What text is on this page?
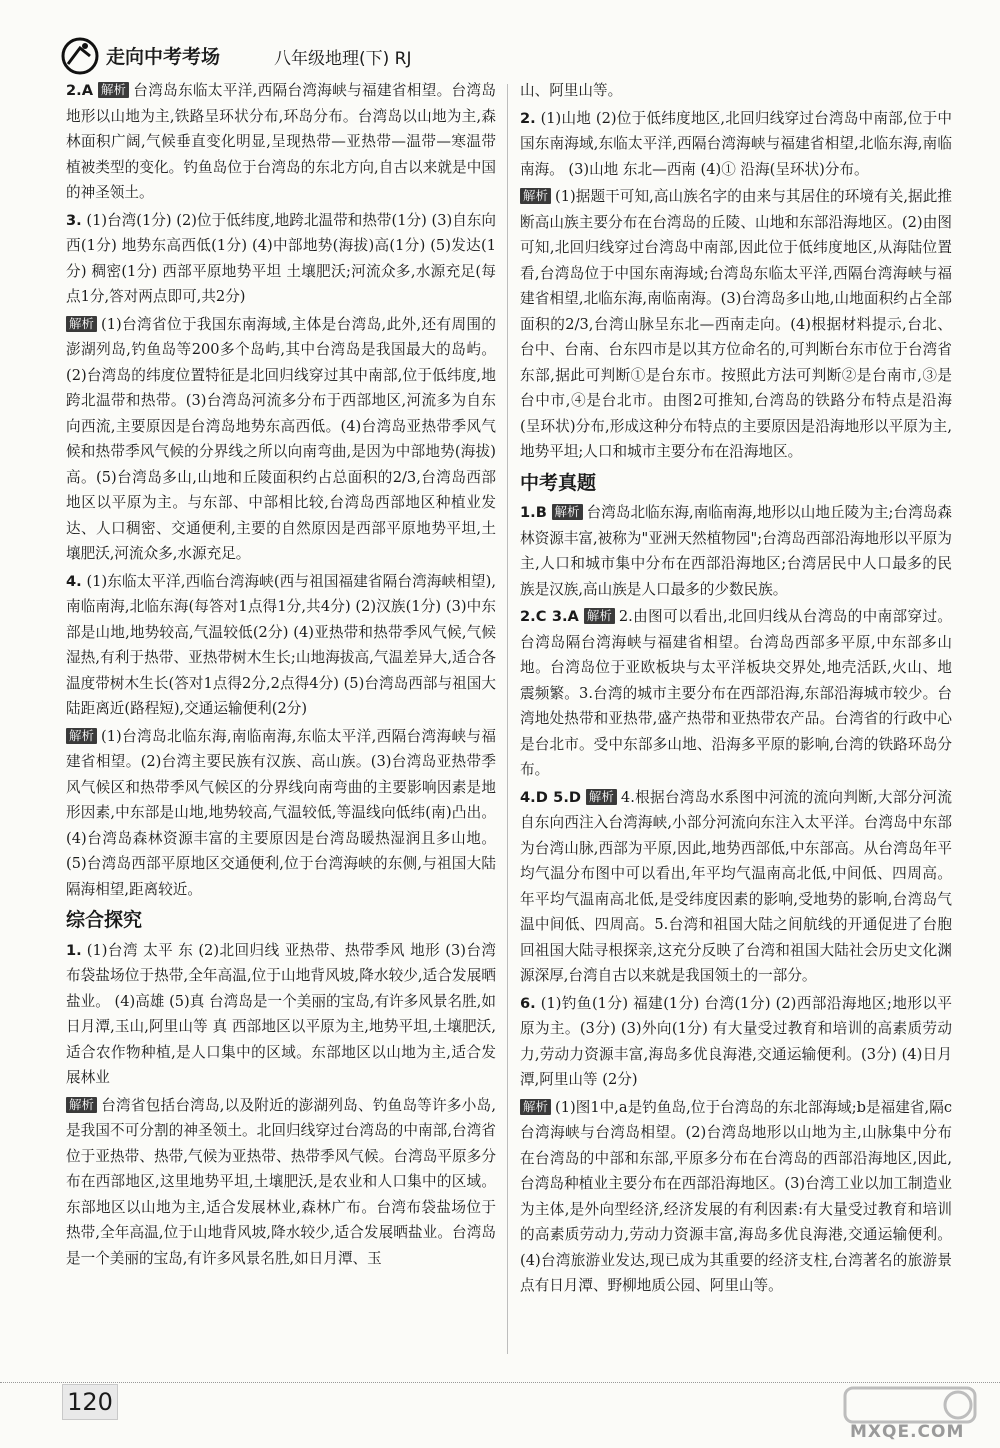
走向中考考场	八年级地理(下) RJ

2.A 解析 台湾岛东临太平洋,西隔台湾海峡与福建省相望。台湾岛地形以山地为主,铁路呈环状分布,环岛分布。台湾岛以山地为主,森林面积广阔,气候垂直变化明显,呈现热带—亚热带—温带—寒温带植被类型的变化。钓鱼岛位于台湾岛的东北方向,自古以来就是中国的神圣领土。

3. (1)台湾(1分) (2)位于低纬度,地跨北温带和热带(1分) (3)自东向西(1分) 地势东高西低(1分) (4)中部地势(海拔)高(1分) (5)发达(1分) 稠密(1分) 西部平原地势平坦 土壤肥沃;河流众多,水源充足(每点1分,答对两点即可,共2分)

解析 (1)台湾省位于我国东南海域,主体是台湾岛,此外,还有周围的澎湖列岛,钓鱼岛等200多个岛屿,其中台湾岛是我国最大的岛屿。(2)台湾岛的纬度位置特征是北回归线穿过其中南部,位于低纬度,地跨北温带和热带。(3)台湾岛河流多分布于西部地区,河流多为自东向西流,主要原因是台湾岛地势东高西低。(4)台湾岛亚热带季风气候和热带季风气候的分界线之所以向南弯曲,是因为中部地势(海拔)高。(5)台湾岛多山,山地和丘陵面积约占总面积的2/3,台湾岛西部地区以平原为主。与东部、中部相比较,台湾岛西部地区种植业发达、人口稠密、交通便利,主要的自然原因是西部平原地势平坦,土壤肥沃,河流众多,水源充足。

4. (1)东临太平洋,西临台湾海峡(西与祖国福建省隔台湾海峡相望),南临南海,北临东海(每答对1点得1分,共4分) (2)汉族(1分) (3)中东部是山地,地势较高,气温较低(2分) (4)亚热带和热带季风气候,气候湿热,有利于热带、亚热带树木生长;山地海拔高,气温差异大,适合各温度带树木生长(答对1点得2分,2点得4分) (5)台湾岛西部与祖国大陆距离近(路程短),交通运输便利(2分)

解析 (1)台湾岛北临东海,南临南海,东临太平洋,西隔台湾海峡与福建省相望。(2)台湾主要民族有汉族、高山族。(3)台湾岛亚热带季风气候区和热带季风气候区的分界线向南弯曲的主要影响因素是地形因素,中东部是山地,地势较高,气温较低,等温线向低纬(南)凸出。(4)台湾岛森林资源丰富的主要原因是台湾岛暖热湿润且多山地。(5)台湾岛西部平原地区交通便利,位于台湾海峡的东侧,与祖国大陆隔海相望,距离较近。

综合探究

1. (1)台湾 太平 东 (2)北回归线 亚热带、热带季风 地形 (3)台湾布袋盐场位于热带,全年高温,位于山地背风坡,降水较少,适合发展晒盐业。 (4)高雄 (5)真 台湾岛是一个美丽的宝岛,有许多风景名胜,如日月潭,玉山,阿里山等 真 西部地区以平原为主,地势平坦,土壤肥沃,适合农作物种植,是人口集中的区域。东部地区以山地为主,适合发展林业

解析 台湾省包括台湾岛,以及附近的澎湖列岛、钓鱼岛等许多小岛,是我国不可分割的神圣领土。北回归线穿过台湾岛的中南部,台湾省位于亚热带、热带,气候为亚热带、热带季风气候。台湾岛平原多分布在西部地区,这里地势平坦,土壤肥沃,是农业和人口集中的区域。东部地区以山地为主,适合发展林业,森林广布。台湾布袋盐场位于热带,全年高温,位于山地背风坡,降水较少,适合发展晒盐业。台湾岛是一个美丽的宝岛,有许多风景名胜,如日月潭、玉

山、阿里山等。

2. (1)山地 (2)位于低纬度地区,北回归线穿过台湾岛中南部,位于中国东南海域,东临太平洋,西隔台湾海峡与福建省相望,北临东海,南临南海。 (3)山地 东北—西南 (4)① 沿海(呈环状)分布。

解析 (1)据题干可知,高山族名字的由来与其居住的环境有关,据此推断高山族主要分布在台湾岛的丘陵、山地和东部沿海地区。(2)由图可知,北回归线穿过台湾岛中南部,因此位于低纬度地区,从海陆位置看,台湾岛位于中国东南海域;台湾岛东临太平洋,西隔台湾海峡与福建省相望,北临东海,南临南海。(3)台湾岛多山地,山地面积约占全部面积的2/3,台湾山脉呈东北—西南走向。(4)根据材料提示,台北、台中、台南、台东四市是以其方位命名的,可判断台东市位于台湾省东部,据此可判断①是台东市。按照此方法可判断②是台南市,③是台中市,④是台北市。由图2可推知,台湾岛的铁路分布特点是沿海(呈环状)分布,形成这种分布特点的主要原因是沿海地形以平原为主,地势平坦;人口和城市主要分布在沿海地区。

中考真题

1.B 解析 台湾岛北临东海,南临南海,地形以山地丘陵为主;台湾岛森林资源丰富,被称为"亚洲天然植物园";台湾岛西部沿海地形以平原为主,人口和城市集中分布在西部沿海地区;台湾居民中人口最多的民族是汉族,高山族是人口最多的少数民族。

2.C 3.A 解析 2.由图可以看出,北回归线从台湾岛的中南部穿过。台湾岛隔台湾海峡与福建省相望。台湾岛西部多平原,中东部多山地。台湾岛位于亚欧板块与太平洋板块交界处,地壳活跃,火山、地震频繁。3.台湾的城市主要分布在西部沿海,东部沿海城市较少。台湾地处热带和亚热带,盛产热带和亚热带农产品。台湾省的行政中心是台北市。受中东部多山地、沿海多平原的影响,台湾的铁路环岛分布。

4.D 5.D 解析 4.根据台湾岛水系图中河流的流向判断,大部分河流自东向西注入台湾海峡,小部分河流向东注入太平洋。台湾岛中东部为台湾山脉,西部为平原,因此,地势西部低,中东部高。从台湾岛年平均气温分布图中可以看出,年平均气温南高北低,中间低、四周高。年平均气温南高北低,是受纬度因素的影响,受地势的影响,台湾岛气温中间低、四周高。5.台湾和祖国大陆之间航线的开通促进了台胞回祖国大陆寻根探亲,这充分反映了台湾和祖国大陆社会历史文化渊源深厚,台湾自古以来就是我国领土的一部分。

6. (1)钓鱼(1分) 福建(1分) 台湾(1分) (2)西部沿海地区;地形以平原为主。(3分) (3)外向(1分) 有大量受过教育和培训的高素质劳动力,劳动力资源丰富,海岛多优良海港,交通运输便利。(3分) (4)日月潭,阿里山等 (2分)

解析 (1)图1中,a是钓鱼岛,位于台湾岛的东北部海域;b是福建省,隔c台湾海峡与台湾岛相望。(2)台湾岛地形以山地为主,山脉集中分布在台湾岛的中部和东部,平原多分布在台湾岛的西部沿海地区,因此,台湾岛种植业主要分布在西部沿海地区。(3)台湾工业以加工制造业为主体,是外向型经济,经济发展的有利因素:有大量受过教育和培训的高素质劳动力,劳动力资源丰富,海岛多优良海港,交通运输便利。(4)台湾旅游业发达,现已成为其重要的经济支柱,台湾著名的旅游景点有日月潭、野柳地质公园、阿里山等。

120
MXQE.COM
